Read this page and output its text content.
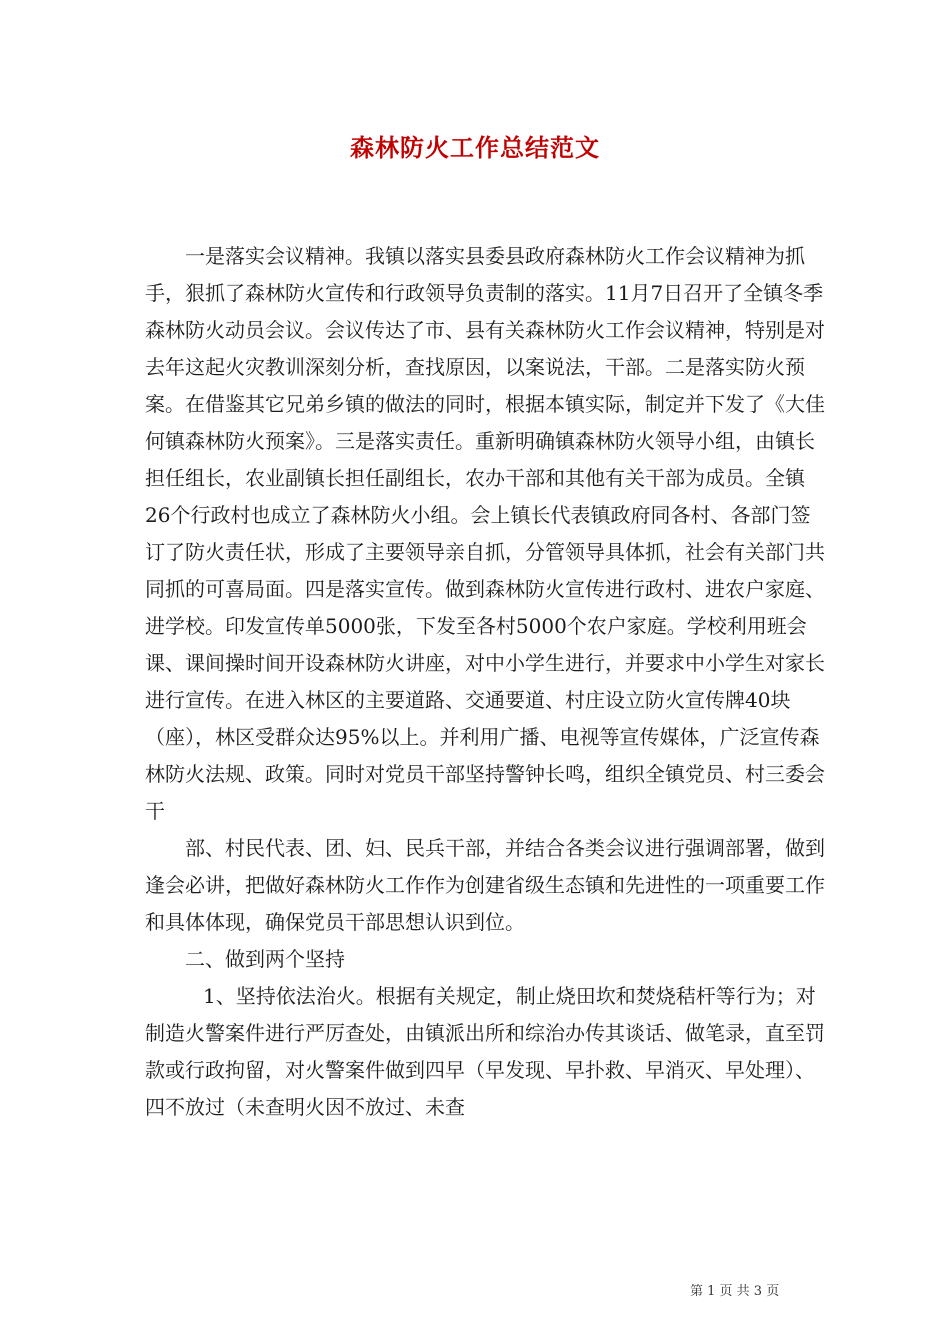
森林防火工作总结范文

一是落实会议精神。我镇以落实县委县政府森林防火工作会议精神为抓手，狠抓了森林防火宣传和行政领导负责制的落实。11月7日召开了全镇冬季森林防火动员会议。会议传达了市、县有关森林防火工作会议精神，特别是对去年这起火灾教训深刻分析，查找原因，以案说法，干部。二是落实防火预案。在借鉴其它兄弟乡镇的做法的同时，根据本镇实际，制定并下发了《大佳何镇森林防火预案》。三是落实责任。重新明确镇森林防火领导小组，由镇长担任组长，农业副镇长担任副组长，农办干部和其他有关干部为成员。全镇26个行政村也成立了森林防火小组。会上镇长代表镇政府同各村、各部门签订了防火责任状，形成了主要领导亲自抓，分管领导具体抓，社会有关部门共同抓的可喜局面。四是落实宣传。做到森林防火宣传进行政村、进农户家庭、进学校。印发宣传单5000张，下发至各村5000个农户家庭。学校利用班会课、课间操时间开设森林防火讲座，对中小学生进行，并要求中小学生对家长进行宣传。在进入林区的主要道路、交通要道、村庄设立防火宣传牌40块（座），林区受群众达95%以上。并利用广播、电视等宣传媒体，广泛宣传森林防火法规、政策。同时对党员干部坚持警钟长鸣，组织全镇党员、村三委会干

部、村民代表、团、妇、民兵干部，并结合各类会议进行强调部署，做到逢会必讲，把做好森林防火工作作为创建省级生态镇和先进性的一项重要工作和具体体现，确保党员干部思想认识到位。

二、做到两个坚持

1、坚持依法治火。根据有关规定，制止烧田坎和焚烧秸杆等行为；对制造火警案件进行严厉查处，由镇派出所和综治办传其谈话、做笔录，直至罚款或行政拘留，对火警案件做到四早（早发现、早扑救、早消灭、早处理）、四不放过（未查明火因不放过、未查

第 1 页 共 3 页
